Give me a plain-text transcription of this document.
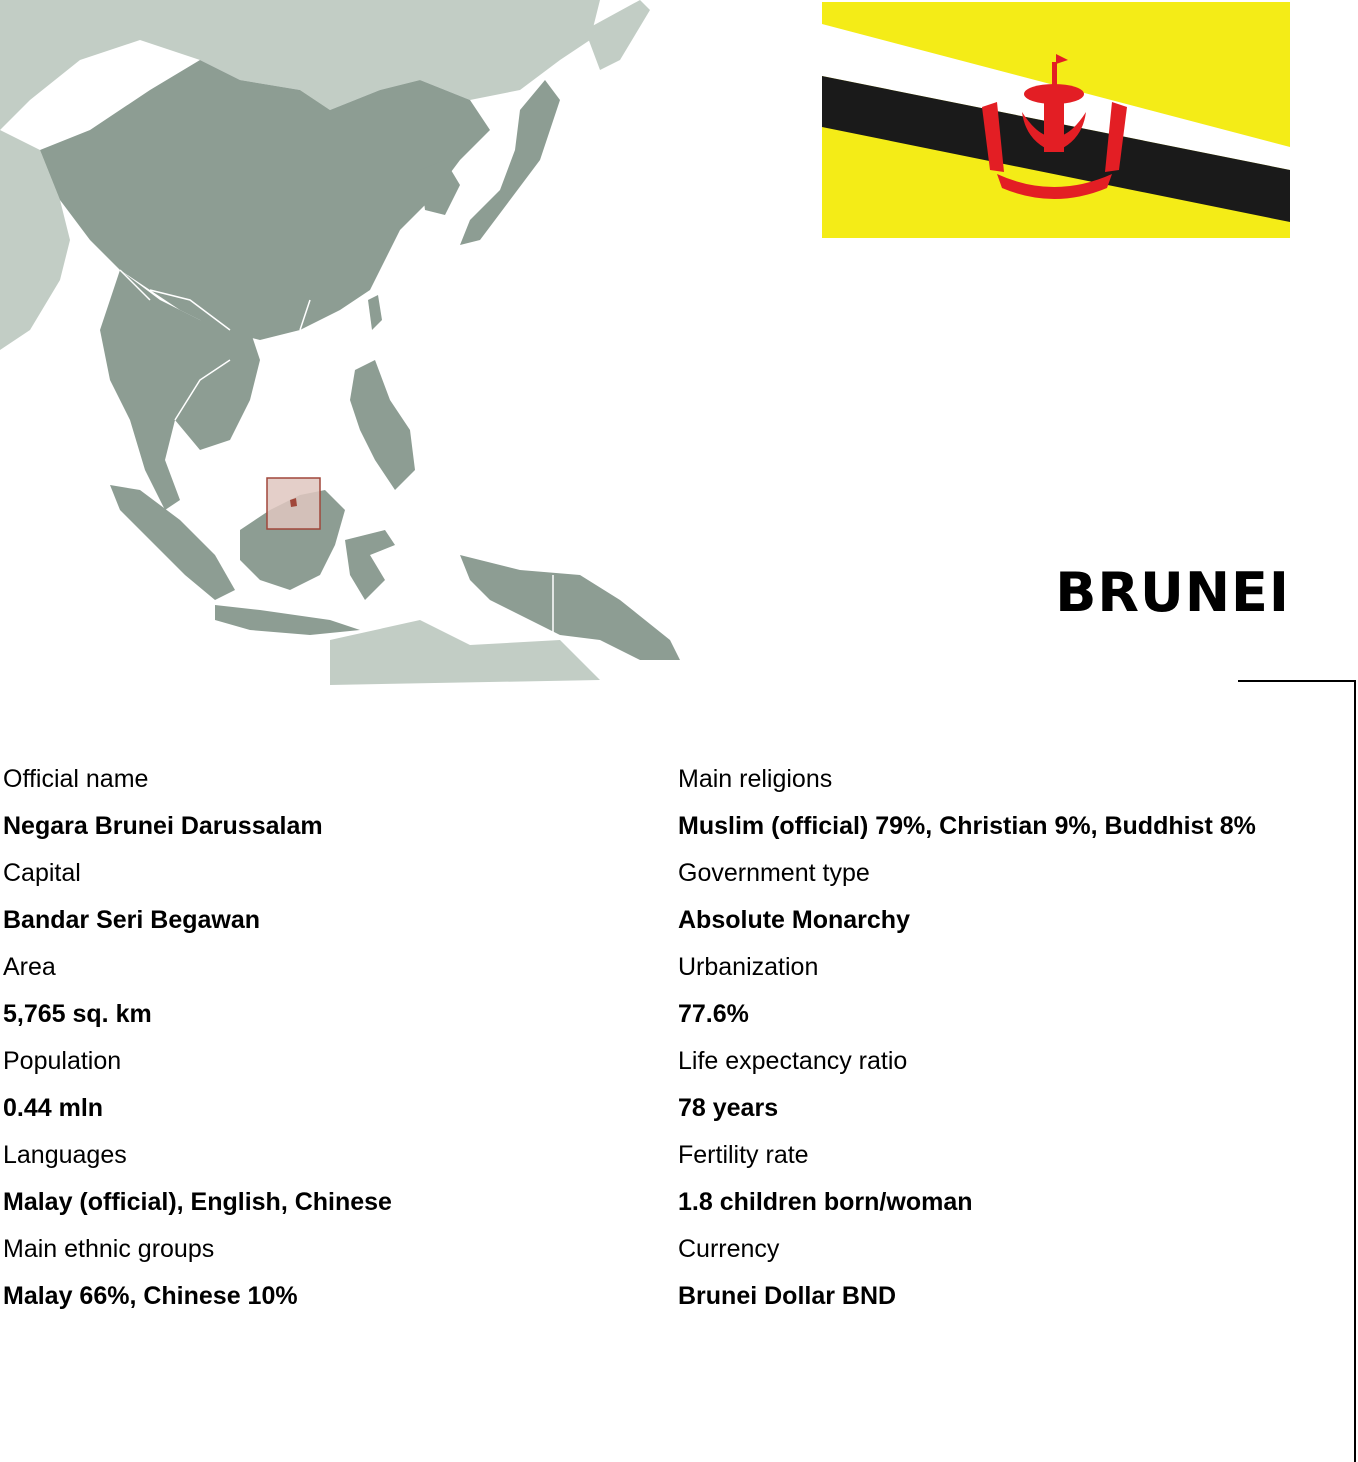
BRUNEI
Official name
Negara Brunei Darussalam
Capital
Bandar Seri Begawan
Area
5,765 sq. km
Population
0.44 mln
Languages
Malay (official), English, Chinese
Main ethnic groups
Malay 66%, Chinese 10%
Main religions
Muslim (official) 79%, Christian 9%, Buddhist 8%
Government type
Absolute Monarchy
Urbanization
77.6%
Life expectancy ratio
78 years
Fertility rate
1.8 children born/woman
Currency
Brunei Dollar BND
